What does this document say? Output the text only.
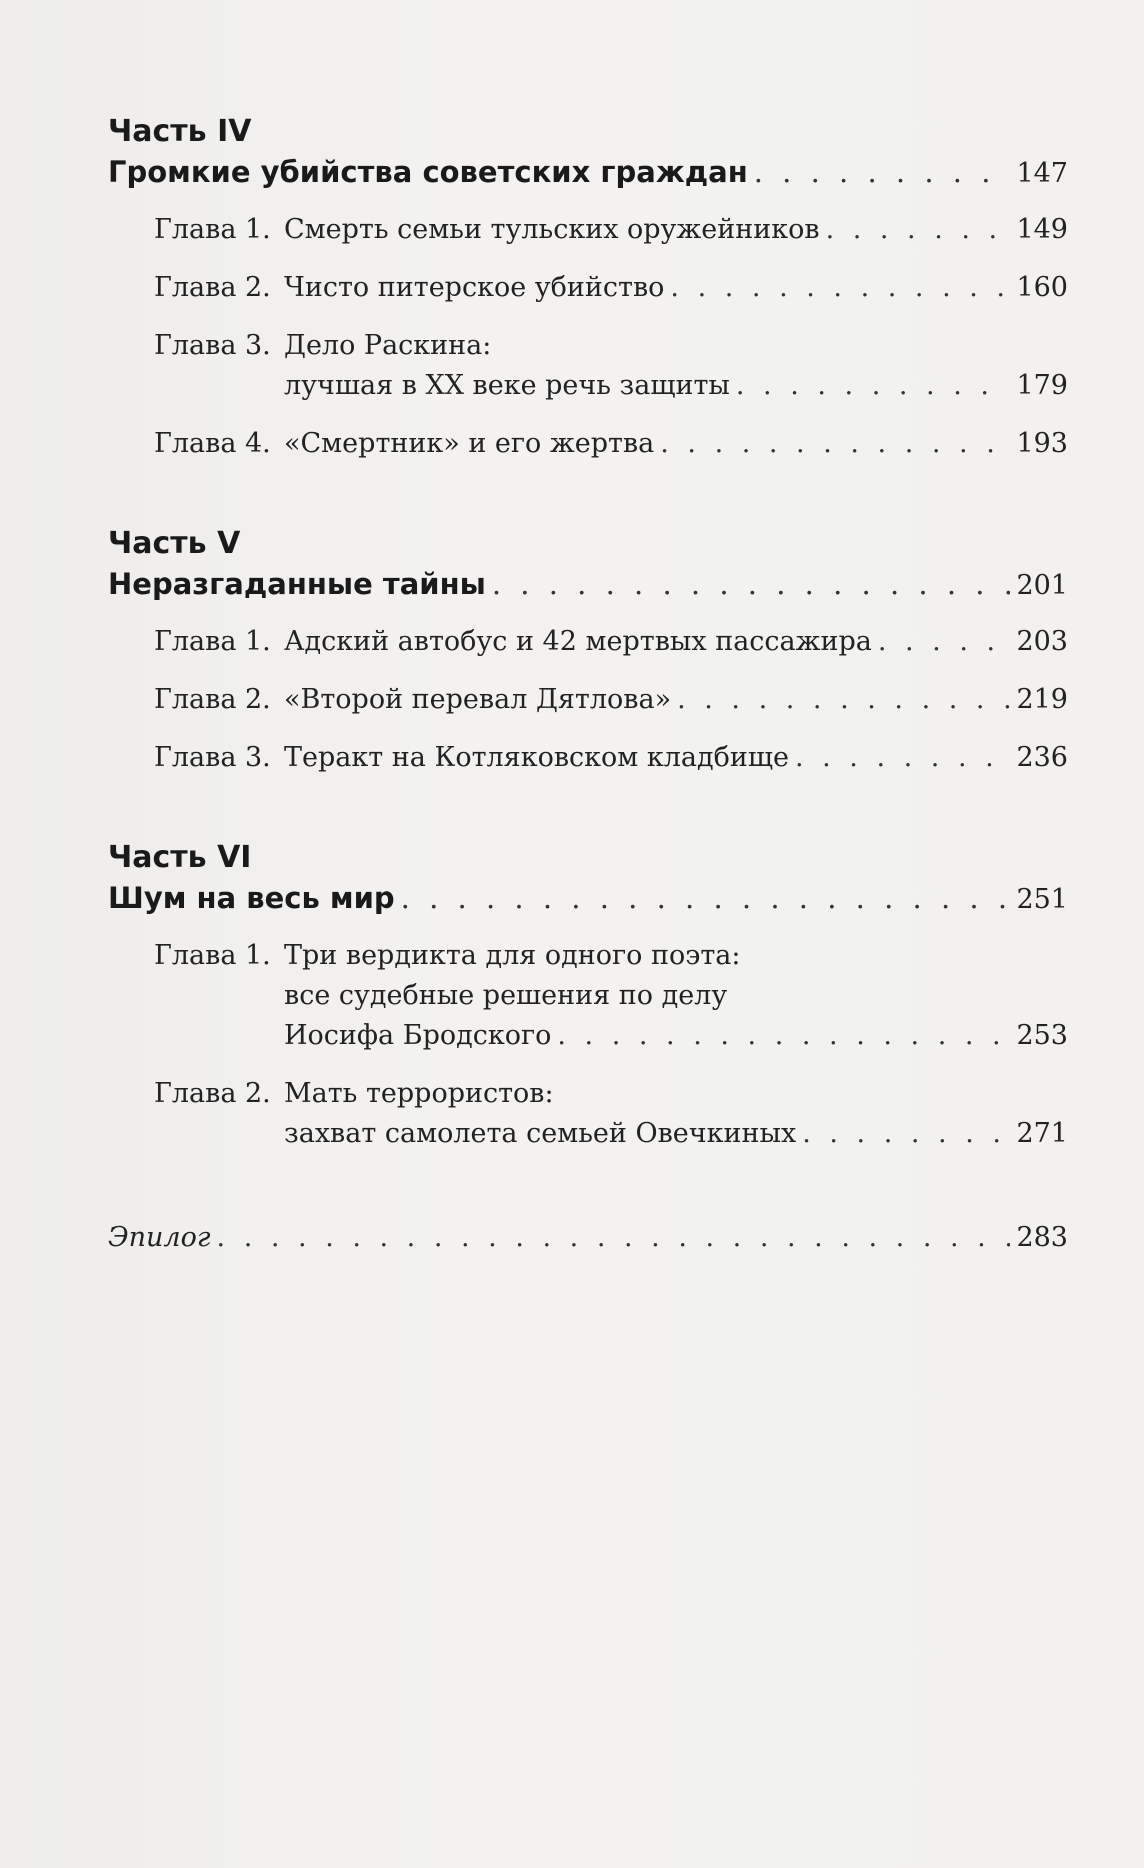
Часть IV
Громкие убийства советских граждан . . .	147
Глава 1. Смерть семьи тульских оружейников . . .	149
Глава 2. Чисто питерское убийство . . .	160
Глава 3. Дело Раскина:
лучшая в XX веке речь защиты . . .	179
Глава 4. «Смертник» и его жертва . . .	193
Часть V
Неразгаданные тайны . . .	201
Глава 1. Адский автобус и 42 мертвых пассажира . . .	203
Глава 2. «Второй перевал Дятлова» . . .	219
Глава 3. Теракт на Котляковском кладбище . . .	236
Часть VI
Шум на весь мир . . .	251
Глава 1. Три вердикта для одного поэта:
все судебные решения по делу
Иосифа Бродского . . .	253
Глава 2. Мать террористов:
захват самолета семьей Овечкиных . . .	271
Эпилог . . .	283
